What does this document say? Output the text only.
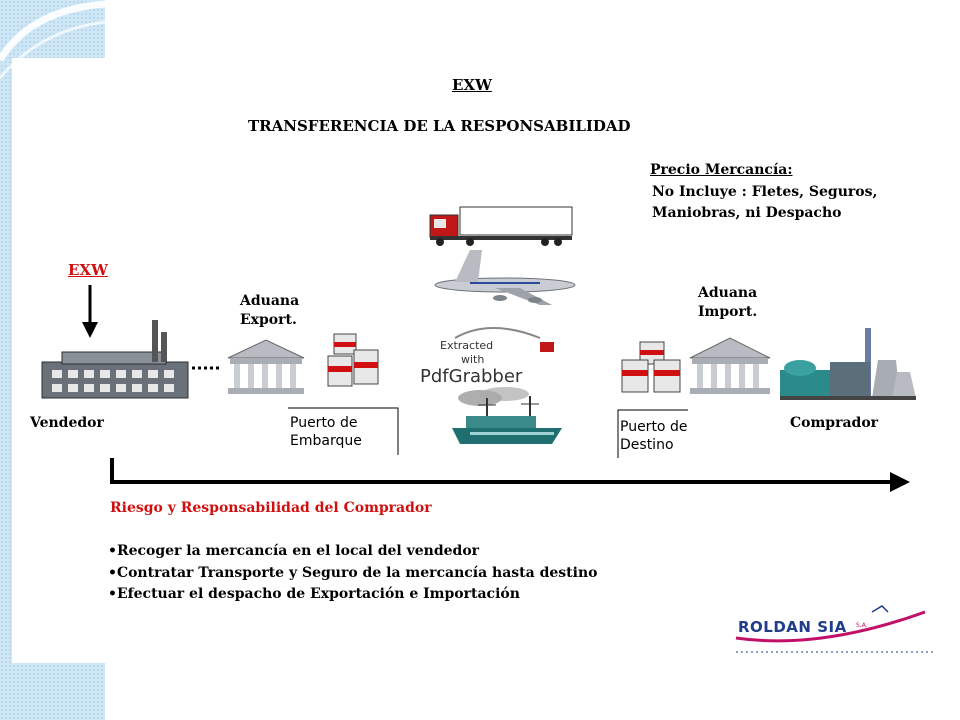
EXW
TRANSFERENCIA DE LA RESPONSABILIDAD
Precio Mercancía:
No Incluye : Fletes, Seguros, Maniobras, ni Despacho
EXW
Aduana Export.
Aduana Import.
Vendedor	Comprador
Puerto de Embarque
Puerto de Destino
Extracted
with
PdfGrabber
Riesgo y Responsabilidad del Comprador
•Recoger la mercancía en el local del vendedor
•Contratar Transporte y Seguro de la mercancía hasta destino
•Efectuar el despacho de Exportación e Importación
ROLDAN SIA S.A.
